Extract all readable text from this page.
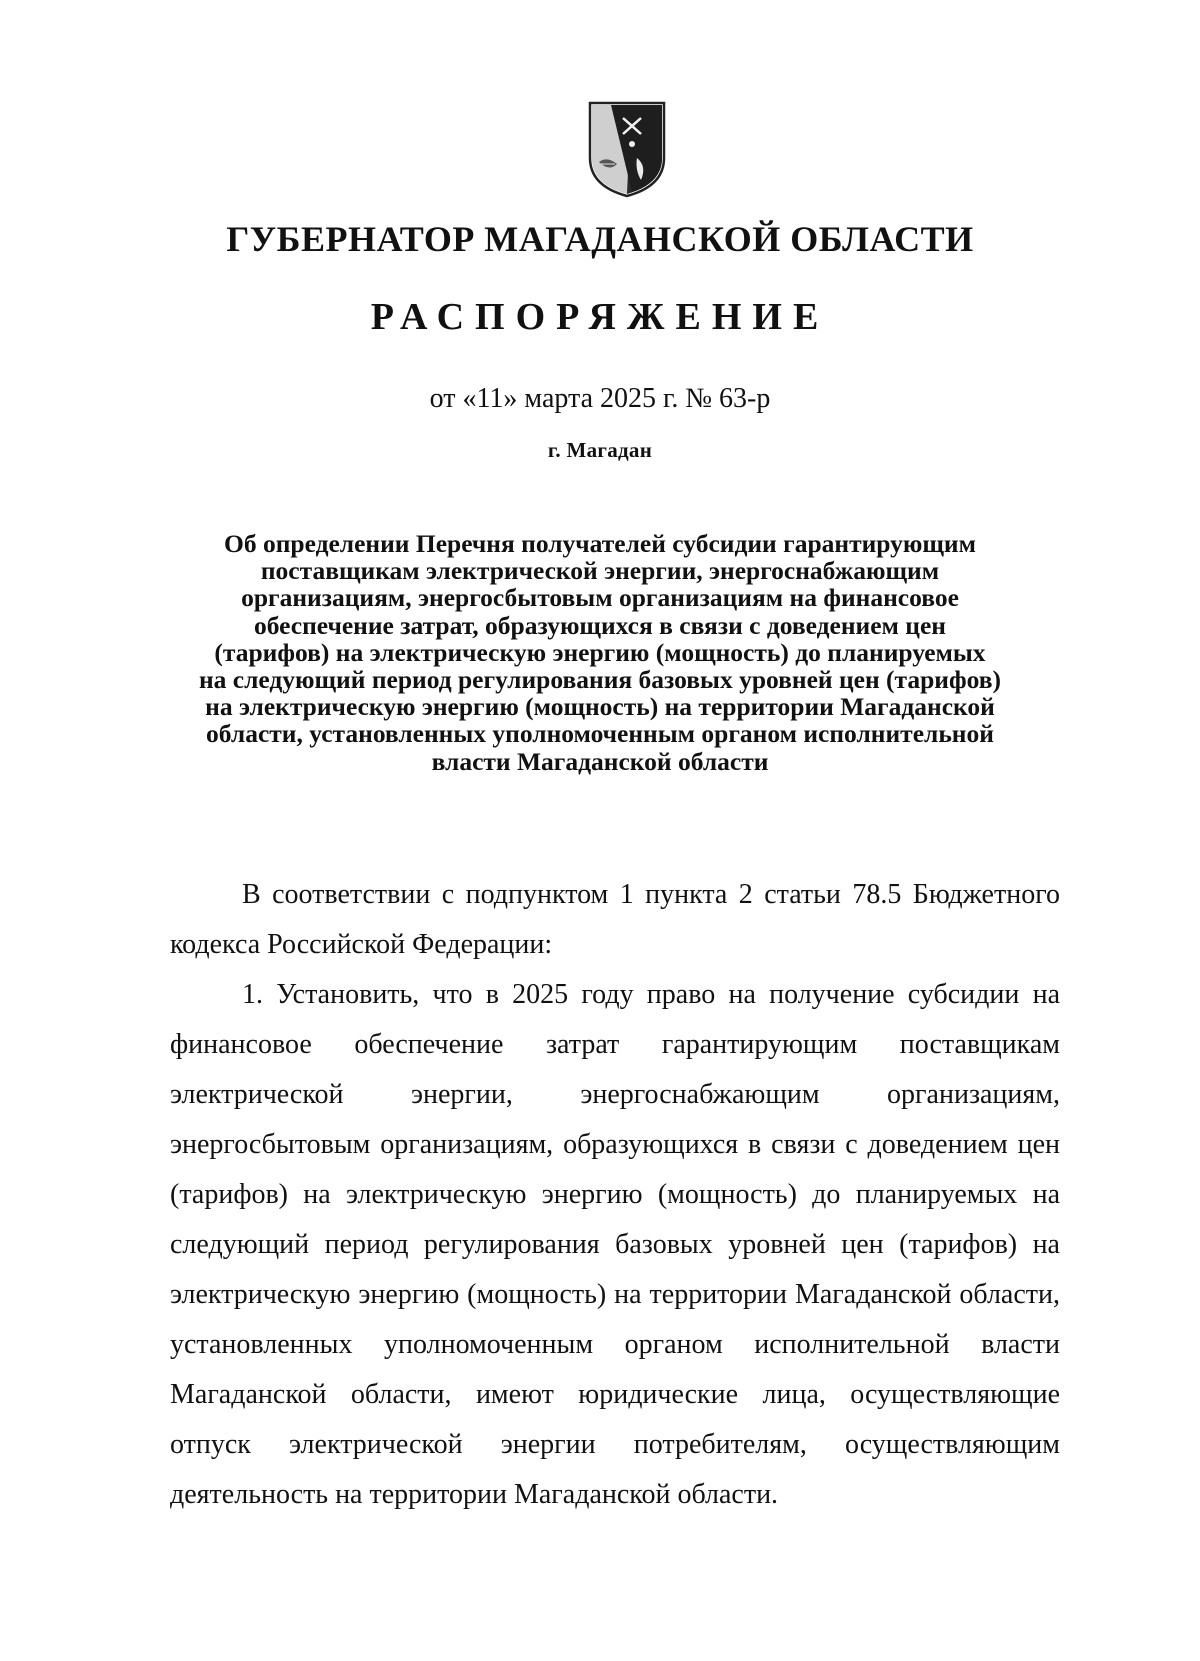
ГУБЕРНАТОР МАГАДАНСКОЙ ОБЛАСТИ
РАСПОРЯЖЕНИЕ
от «11» марта 2025 г. № 63-р
г. Магадан
Об определении Перечня получателей субсидии гарантирующим
поставщикам электрической энергии, энергоснабжающим
организациям, энергосбытовым организациям на финансовое
обеспечение затрат, образующихся в связи с доведением цен
(тарифов) на электрическую энергию (мощность) до планируемых
на следующий период регулирования базовых уровней цен (тарифов)
на электрическую энергию (мощность) на территории Магаданской
области, установленных уполномоченным органом исполнительной
власти Магаданской области

В соответствии с подпунктом 1 пункта 2 статьи 78.5 Бюджетного кодекса Российской Федерации:

1. Установить, что в 2025 году право на получение субсидии на финансовое обеспечение затрат гарантирующим поставщикам электрической энергии, энергоснабжающим организациям, энергосбытовым организациям, образующихся в связи с доведением цен (тарифов) на электрическую энергию (мощность) до планируемых на следующий период регулирования базовых уровней цен (тарифов) на электрическую энергию (мощность) на территории Магаданской области, установленных уполномоченным органом исполнительной власти Магаданской области, имеют юридические лица, осуществляющие отпуск электрической энергии потребителям, осуществляющим деятельность на территории Магаданской области.
